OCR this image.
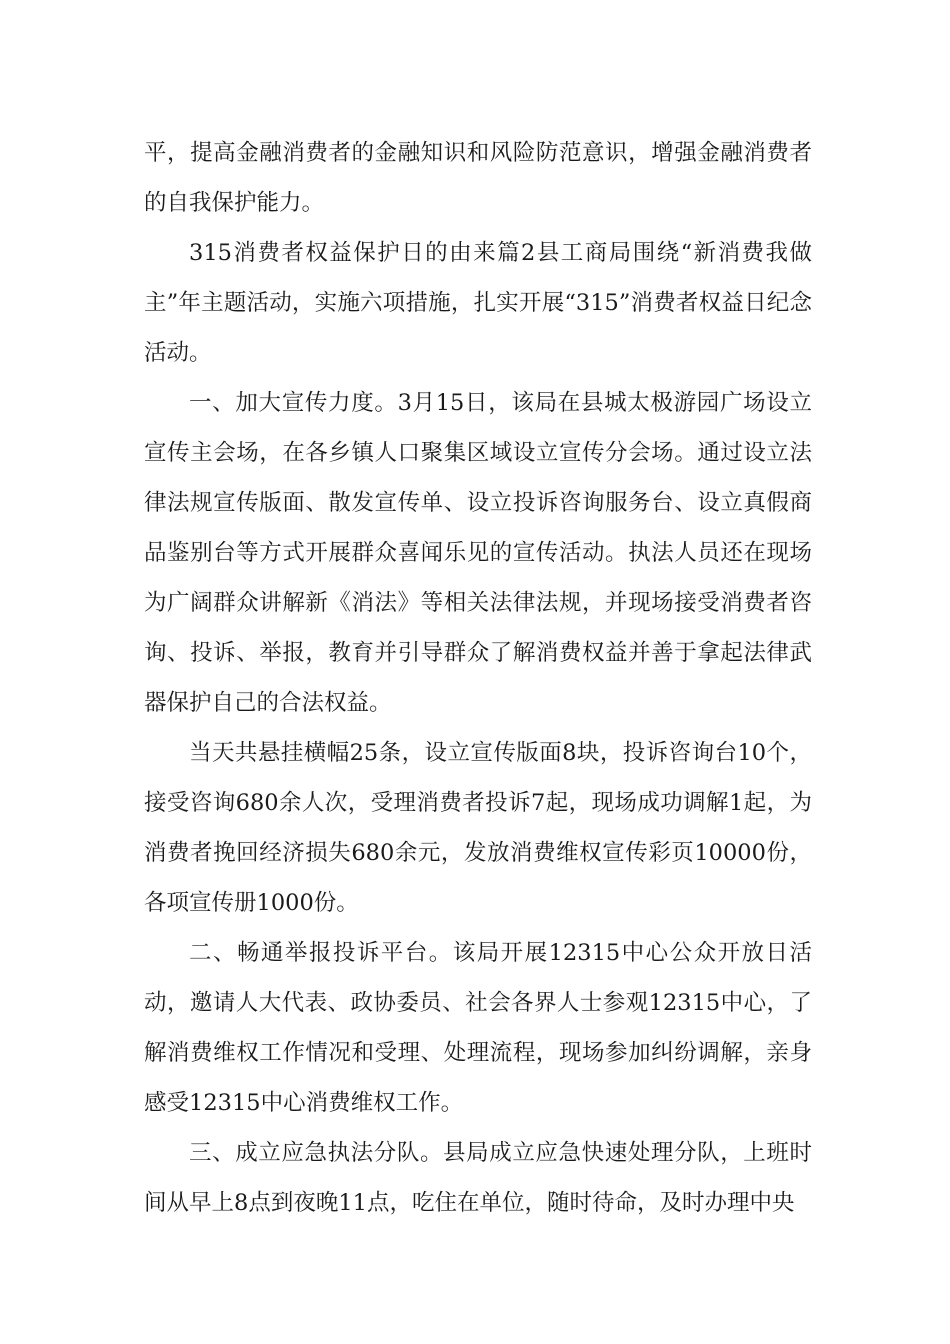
平，提高金融消费者的金融知识和风险防范意识，增强金融消费者的自我保护能力。

315消费者权益保护日的由来篇2县工商局围绕“新消费我做主”年主题活动，实施六项措施，扎实开展“315”消费者权益日纪念活动。

一、加大宣传力度。3月15日，该局在县城太极游园广场设立宣传主会场，在各乡镇人口聚集区域设立宣传分会场。通过设立法律法规宣传版面、散发宣传单、设立投诉咨询服务台、设立真假商品鉴别台等方式开展群众喜闻乐见的宣传活动。执法人员还在现场为广阔群众讲解新《消法》等相关法律法规，并现场接受消费者咨询、投诉、举报，教育并引导群众了解消费权益并善于拿起法律武器保护自己的合法权益。

当天共悬挂横幅25条，设立宣传版面8块，投诉咨询台10个，接受咨询680余人次，受理消费者投诉7起，现场成功调解1起，为消费者挽回经济损失680余元，发放消费维权宣传彩页10000份，各项宣传册1000份。

二、畅通举报投诉平台。该局开展12315中心公众开放日活动，邀请人大代表、政协委员、社会各界人士参观12315中心，了解消费维权工作情况和受理、处理流程，现场参加纠纷调解，亲身感受12315中心消费维权工作。

三、成立应急执法分队。县局成立应急快速处理分队，上班时间从早上8点到夜晚11点，吃住在单位，随时待命，及时办理中央
